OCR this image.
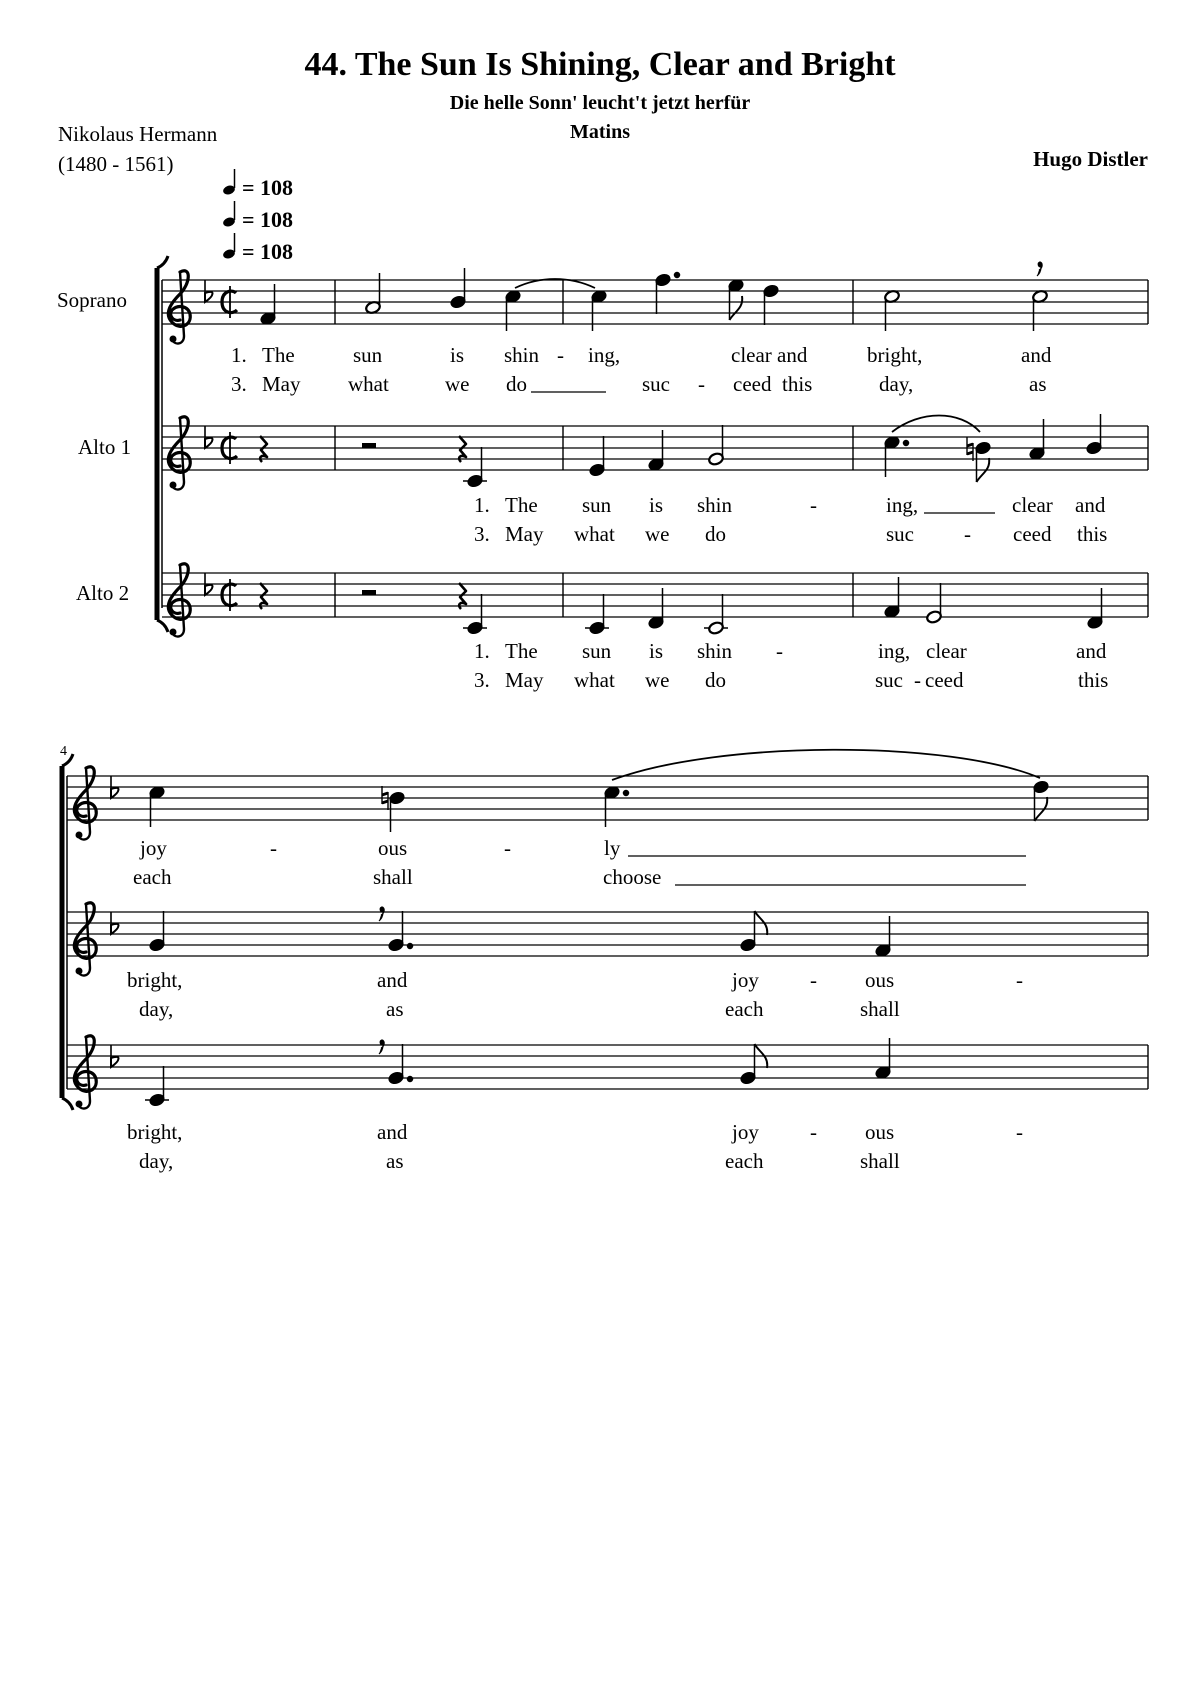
44. The Sun Is Shining, Clear and Bright
Die helle Sonn' leucht't jetzt herfür
Matins
Nikolaus Hermann
(1480 - 1561)	Hugo Distler
= 108
= 108
= 108
Soprano
Alto 1
Alto 2
1. The	sun	is shin - ing,	clear and	bright,	and
3. May what	we do	suc - ceed this	day,	as
1. The sun is shin	-	ing,	clear and
3. May what we do	suc - ceed this
1. The sun is shin -	ing, clear	and
3. May what we do	suc - ceed	this
4
joy	-	ous	-	ly
each	shall	choose
bright,	and	joy - ous	-
day,	as	each	shall
bright,	and	joy - ous	-
day,	as	each	shall
